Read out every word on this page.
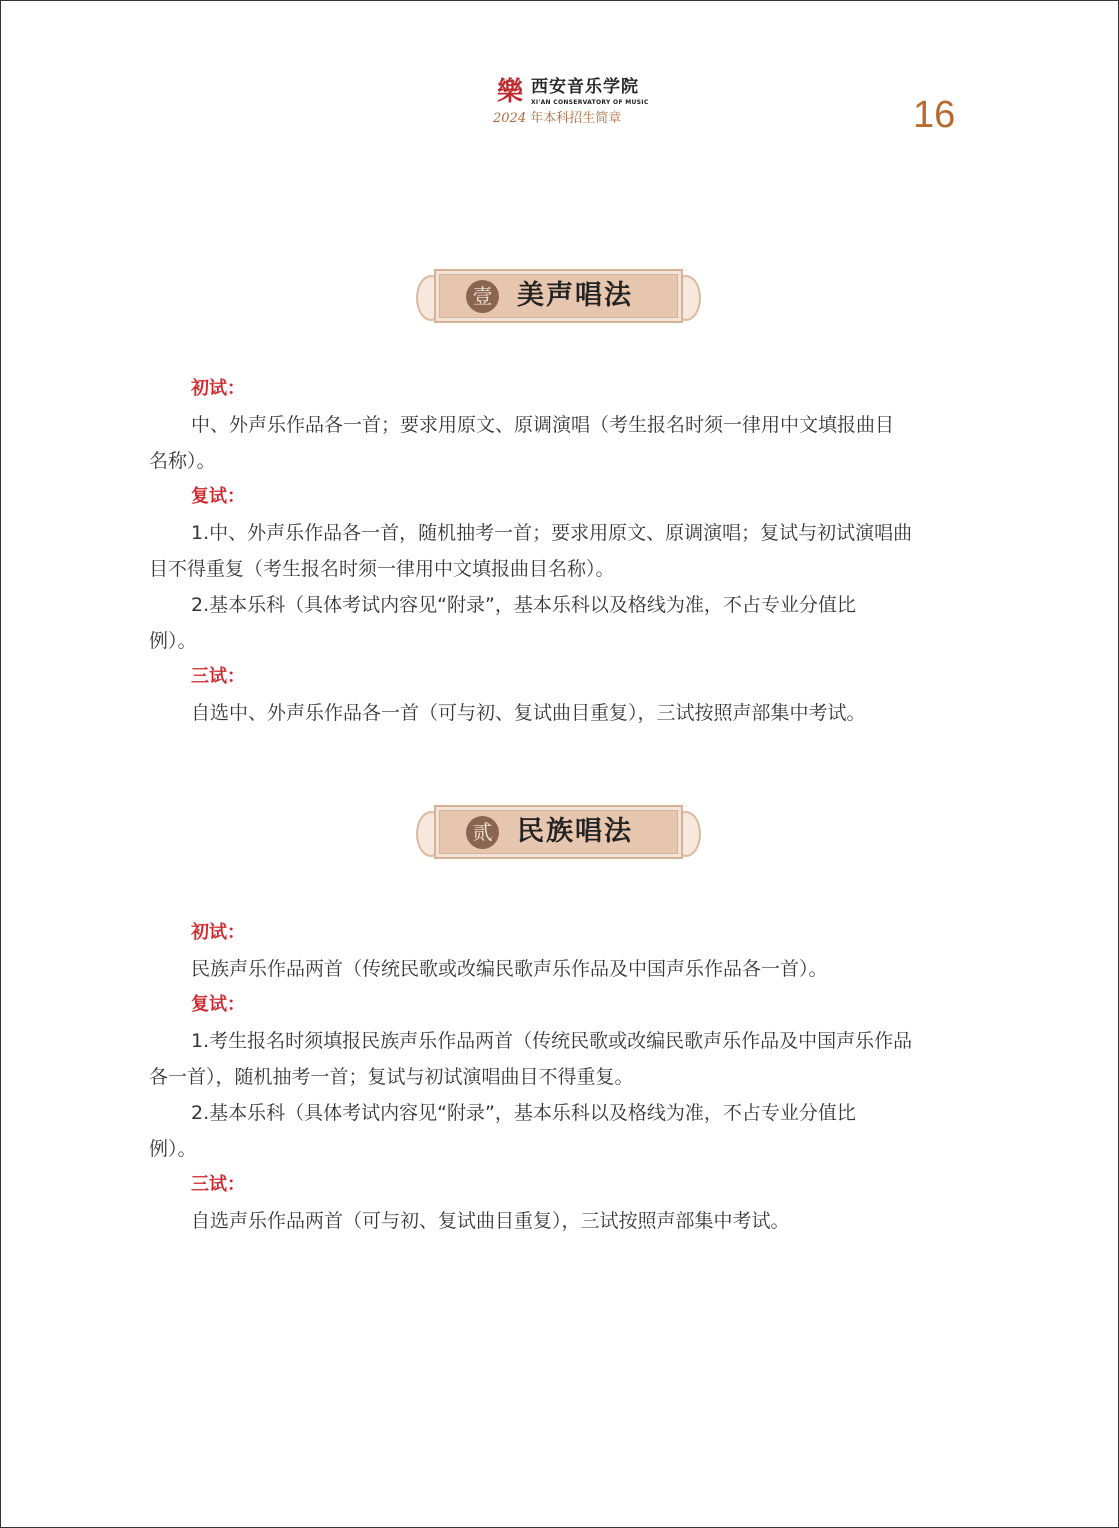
樂 西安音乐学院
XI'AN CONSERVATORY OF MUSIC
2024 年本科招生简章	16
壹 美声唱法
初试：
中、外声乐作品各一首；要求用原文、原调演唱（考生报名时须一律用中文填报曲目
名称）。
复试：
1.中、外声乐作品各一首，随机抽考一首；要求用原文、原调演唱；复试与初试演唱曲
目不得重复（考生报名时须一律用中文填报曲目名称）。
2.基本乐科（具体考试内容见“附录”，基本乐科以及格线为准，不占专业分值比
例）。
三试：
自选中、外声乐作品各一首（可与初、复试曲目重复），三试按照声部集中考试。
贰 民族唱法
初试：
民族声乐作品两首（传统民歌或改编民歌声乐作品及中国声乐作品各一首）。
复试：
1.考生报名时须填报民族声乐作品两首（传统民歌或改编民歌声乐作品及中国声乐作品
各一首），随机抽考一首；复试与初试演唱曲目不得重复。
2.基本乐科（具体考试内容见“附录”，基本乐科以及格线为准，不占专业分值比
例）。
三试：
自选声乐作品两首（可与初、复试曲目重复），三试按照声部集中考试。
